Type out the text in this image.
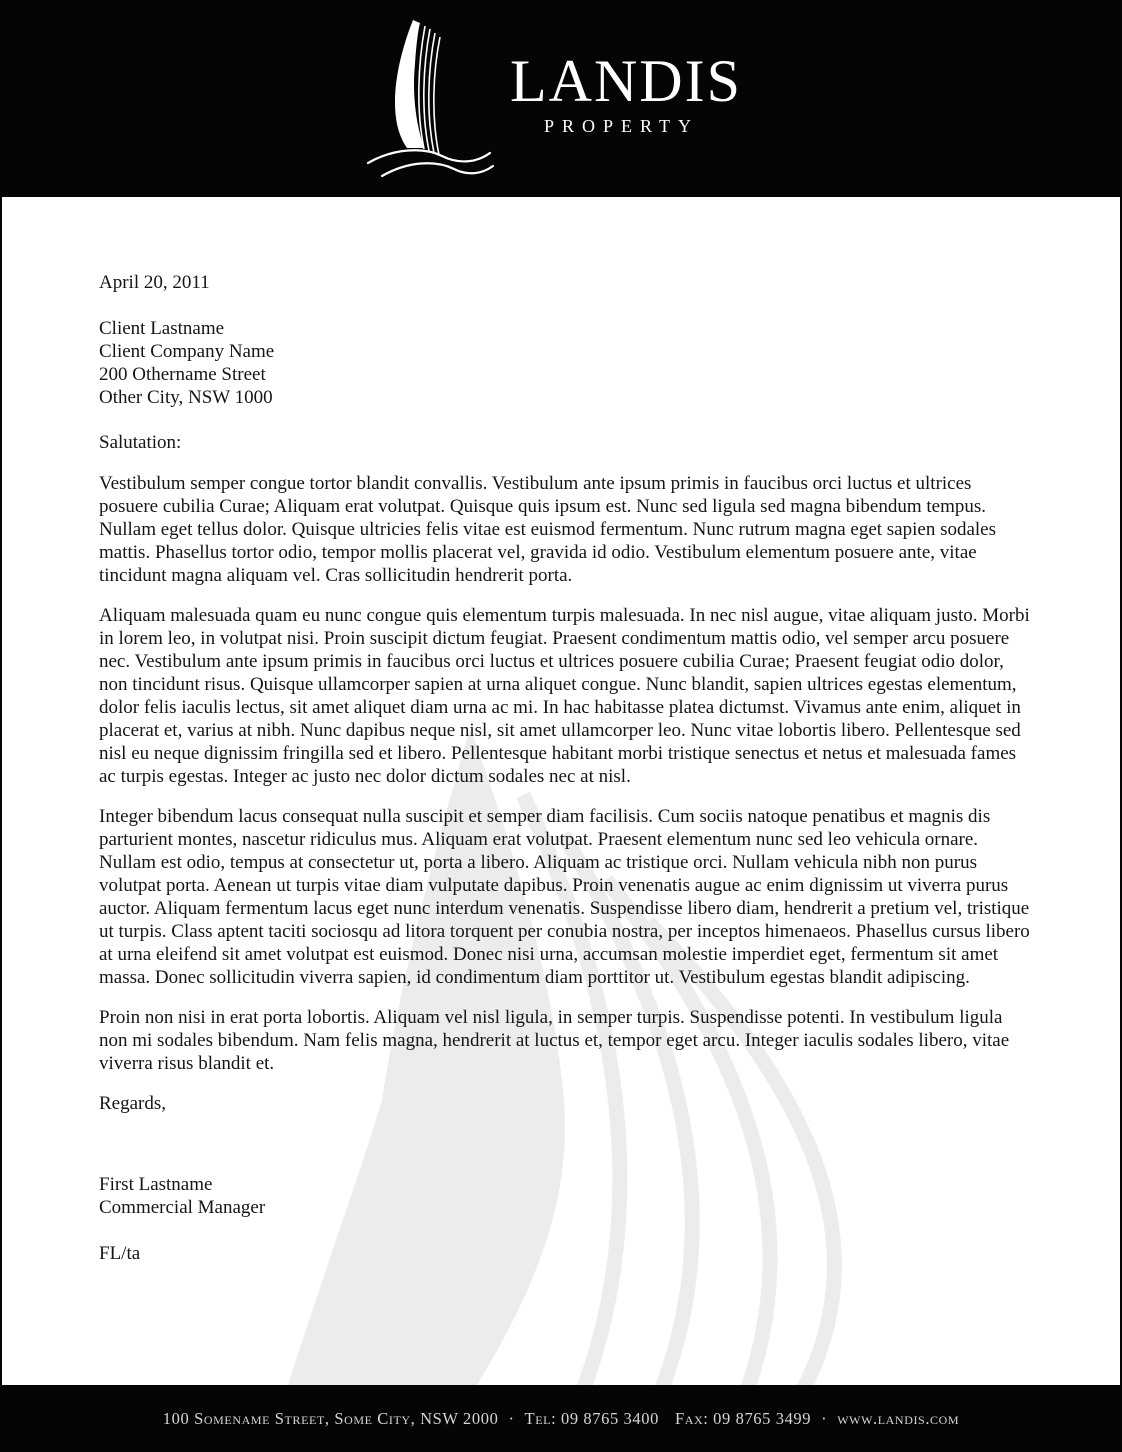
LANDIS
PROPERTY

April 20, 2011

Client Lastname
Client Company Name
200 Othername Street
Other City, NSW 1000

Salutation:

Vestibulum semper congue tortor blandit convallis. Vestibulum ante ipsum primis in faucibus orci luctus et ultrices posuere cubilia Curae; Aliquam erat volutpat. Quisque quis ipsum est. Nunc sed ligula sed magna bibendum tempus. Nullam eget tellus dolor. Quisque ultricies felis vitae est euismod fermentum. Nunc rutrum magna eget sapien sodales mattis. Phasellus tortor odio, tempor mollis placerat vel, gravida id odio. Vestibulum elementum posuere ante, vitae tincidunt magna aliquam vel. Cras sollicitudin hendrerit porta.

Aliquam malesuada quam eu nunc congue quis elementum turpis malesuada. In nec nisl augue, vitae aliquam justo. Morbi in lorem leo, in volutpat nisi. Proin suscipit dictum feugiat. Praesent condimentum mattis odio, vel semper arcu posuere nec. Vestibulum ante ipsum primis in faucibus orci luctus et ultrices posuere cubilia Curae; Praesent feugiat odio dolor, non tincidunt risus. Quisque ullamcorper sapien at urna aliquet congue. Nunc blandit, sapien ultrices egestas elementum, dolor felis iaculis lectus, sit amet aliquet diam urna ac mi. In hac habitasse platea dictumst. Vivamus ante enim, aliquet in placerat et, varius at nibh. Nunc dapibus neque nisl, sit amet ullamcorper leo. Nunc vitae lobortis libero. Pellentesque sed nisl eu neque dignissim fringilla sed et libero. Pellentesque habitant morbi tristique senectus et netus et malesuada fames ac turpis egestas. Integer ac justo nec dolor dictum sodales nec at nisl.

Integer bibendum lacus consequat nulla suscipit et semper diam facilisis. Cum sociis natoque penatibus et magnis dis parturient montes, nascetur ridiculus mus. Aliquam erat volutpat. Praesent elementum nunc sed leo vehicula ornare. Nullam est odio, tempus at consectetur ut, porta a libero. Aliquam ac tristique orci. Nullam vehicula nibh non purus volutpat porta. Aenean ut turpis vitae diam vulputate dapibus. Proin venenatis augue ac enim dignissim ut viverra purus auctor. Aliquam fermentum lacus eget nunc interdum venenatis. Suspendisse libero diam, hendrerit a pretium vel, tristique ut turpis. Class aptent taciti sociosqu ad litora torquent per conubia nostra, per inceptos himenaeos. Phasellus cursus libero at urna eleifend sit amet volutpat est euismod. Donec nisi urna, accumsan molestie imperdiet eget, fermentum sit amet massa. Donec sollicitudin viverra sapien, id condimentum diam porttitor ut. Vestibulum egestas blandit adipiscing.

Proin non nisi in erat porta lobortis. Aliquam vel nisl ligula, in semper turpis. Suspendisse potenti. In vestibulum ligula non mi sodales bibendum. Nam felis magna, hendrerit at luctus et, tempor eget arcu. Integer iaculis sodales libero, vitae viverra risus blandit et.

Regards,

First Lastname
Commercial Manager

FL/ta

100 Somename Street, Some City, NSW 2000 · Tel: 09 8765 3400 Fax: 09 8765 3499 · www.landis.com
